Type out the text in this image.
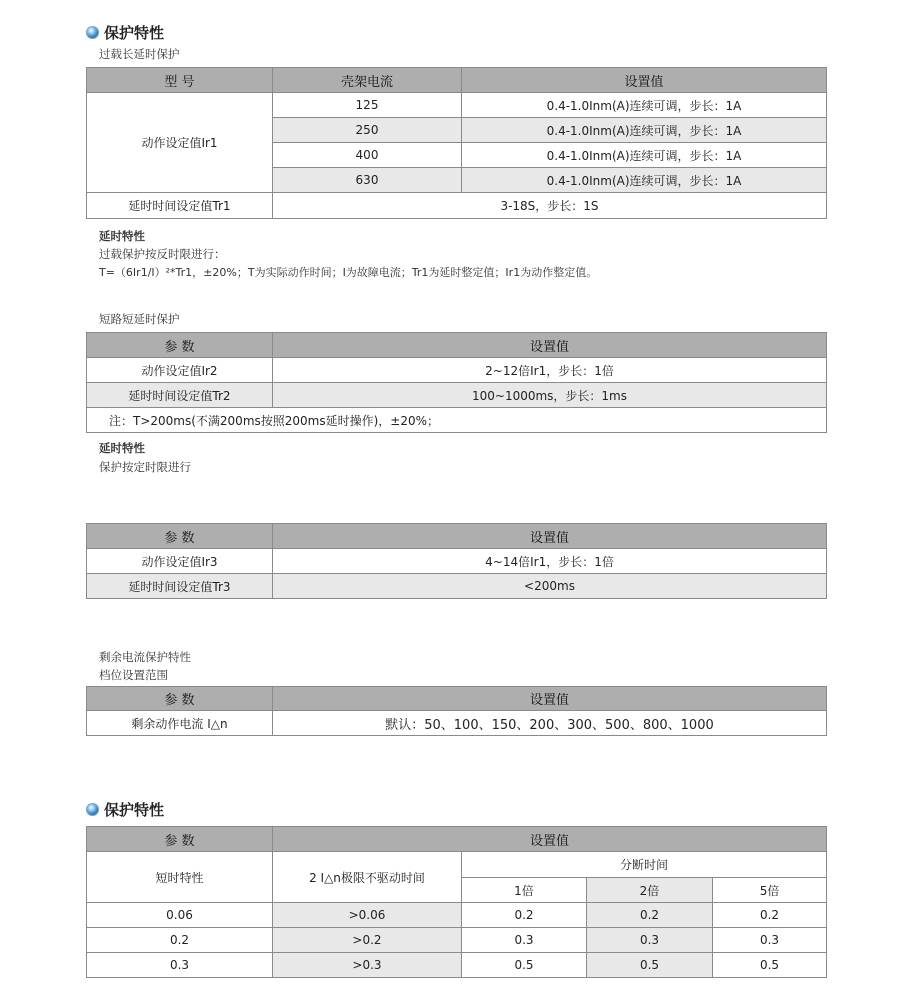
保护特性
过载长延时保护
型 号	壳架电流	设置值
动作设定值Ir1	125	0.4-1.0Inm(A)连续可调，步长：1A
	250	0.4-1.0Inm(A)连续可调，步长：1A
	400	0.4-1.0Inm(A)连续可调，步长：1A
	630	0.4-1.0Inm(A)连续可调，步长：1A
延时时间设定值Tr1	3-18S，步长：1S	
延时特性
过载保护按反时限进行：
T=（6Ir1/I）²*Tr1，±20%；T为实际动作时间；I为故障电流；Tr1为延时整定值；Ir1为动作整定值。
短路短延时保护
参 数	设置值
动作设定值Ir2	2~12倍Ir1，步长：1倍
延时时间设定值Tr2	100~1000ms，步长：1ms
注：T>200ms(不满200ms按照200ms延时操作)，±20%；	
延时特性
保护按定时限进行
参 数	设置值
动作设定值Ir3	4~14倍Ir1，步长：1倍
延时时间设定值Tr3	<200ms
剩余电流保护特性
档位设置范围
参 数	设置值
剩余动作电流 I△n	默认：50、100、150、200、300、500、800、1000
保护特性
参 数	设置值			
短时特性	2 I△n极限不驱动时间	分断时间		
		1倍	2倍	5倍
0.06	>0.06	0.2	0.2	0.2
0.2	>0.2	0.3	0.3	0.3
0.3	>0.3	0.5	0.5	0.5
